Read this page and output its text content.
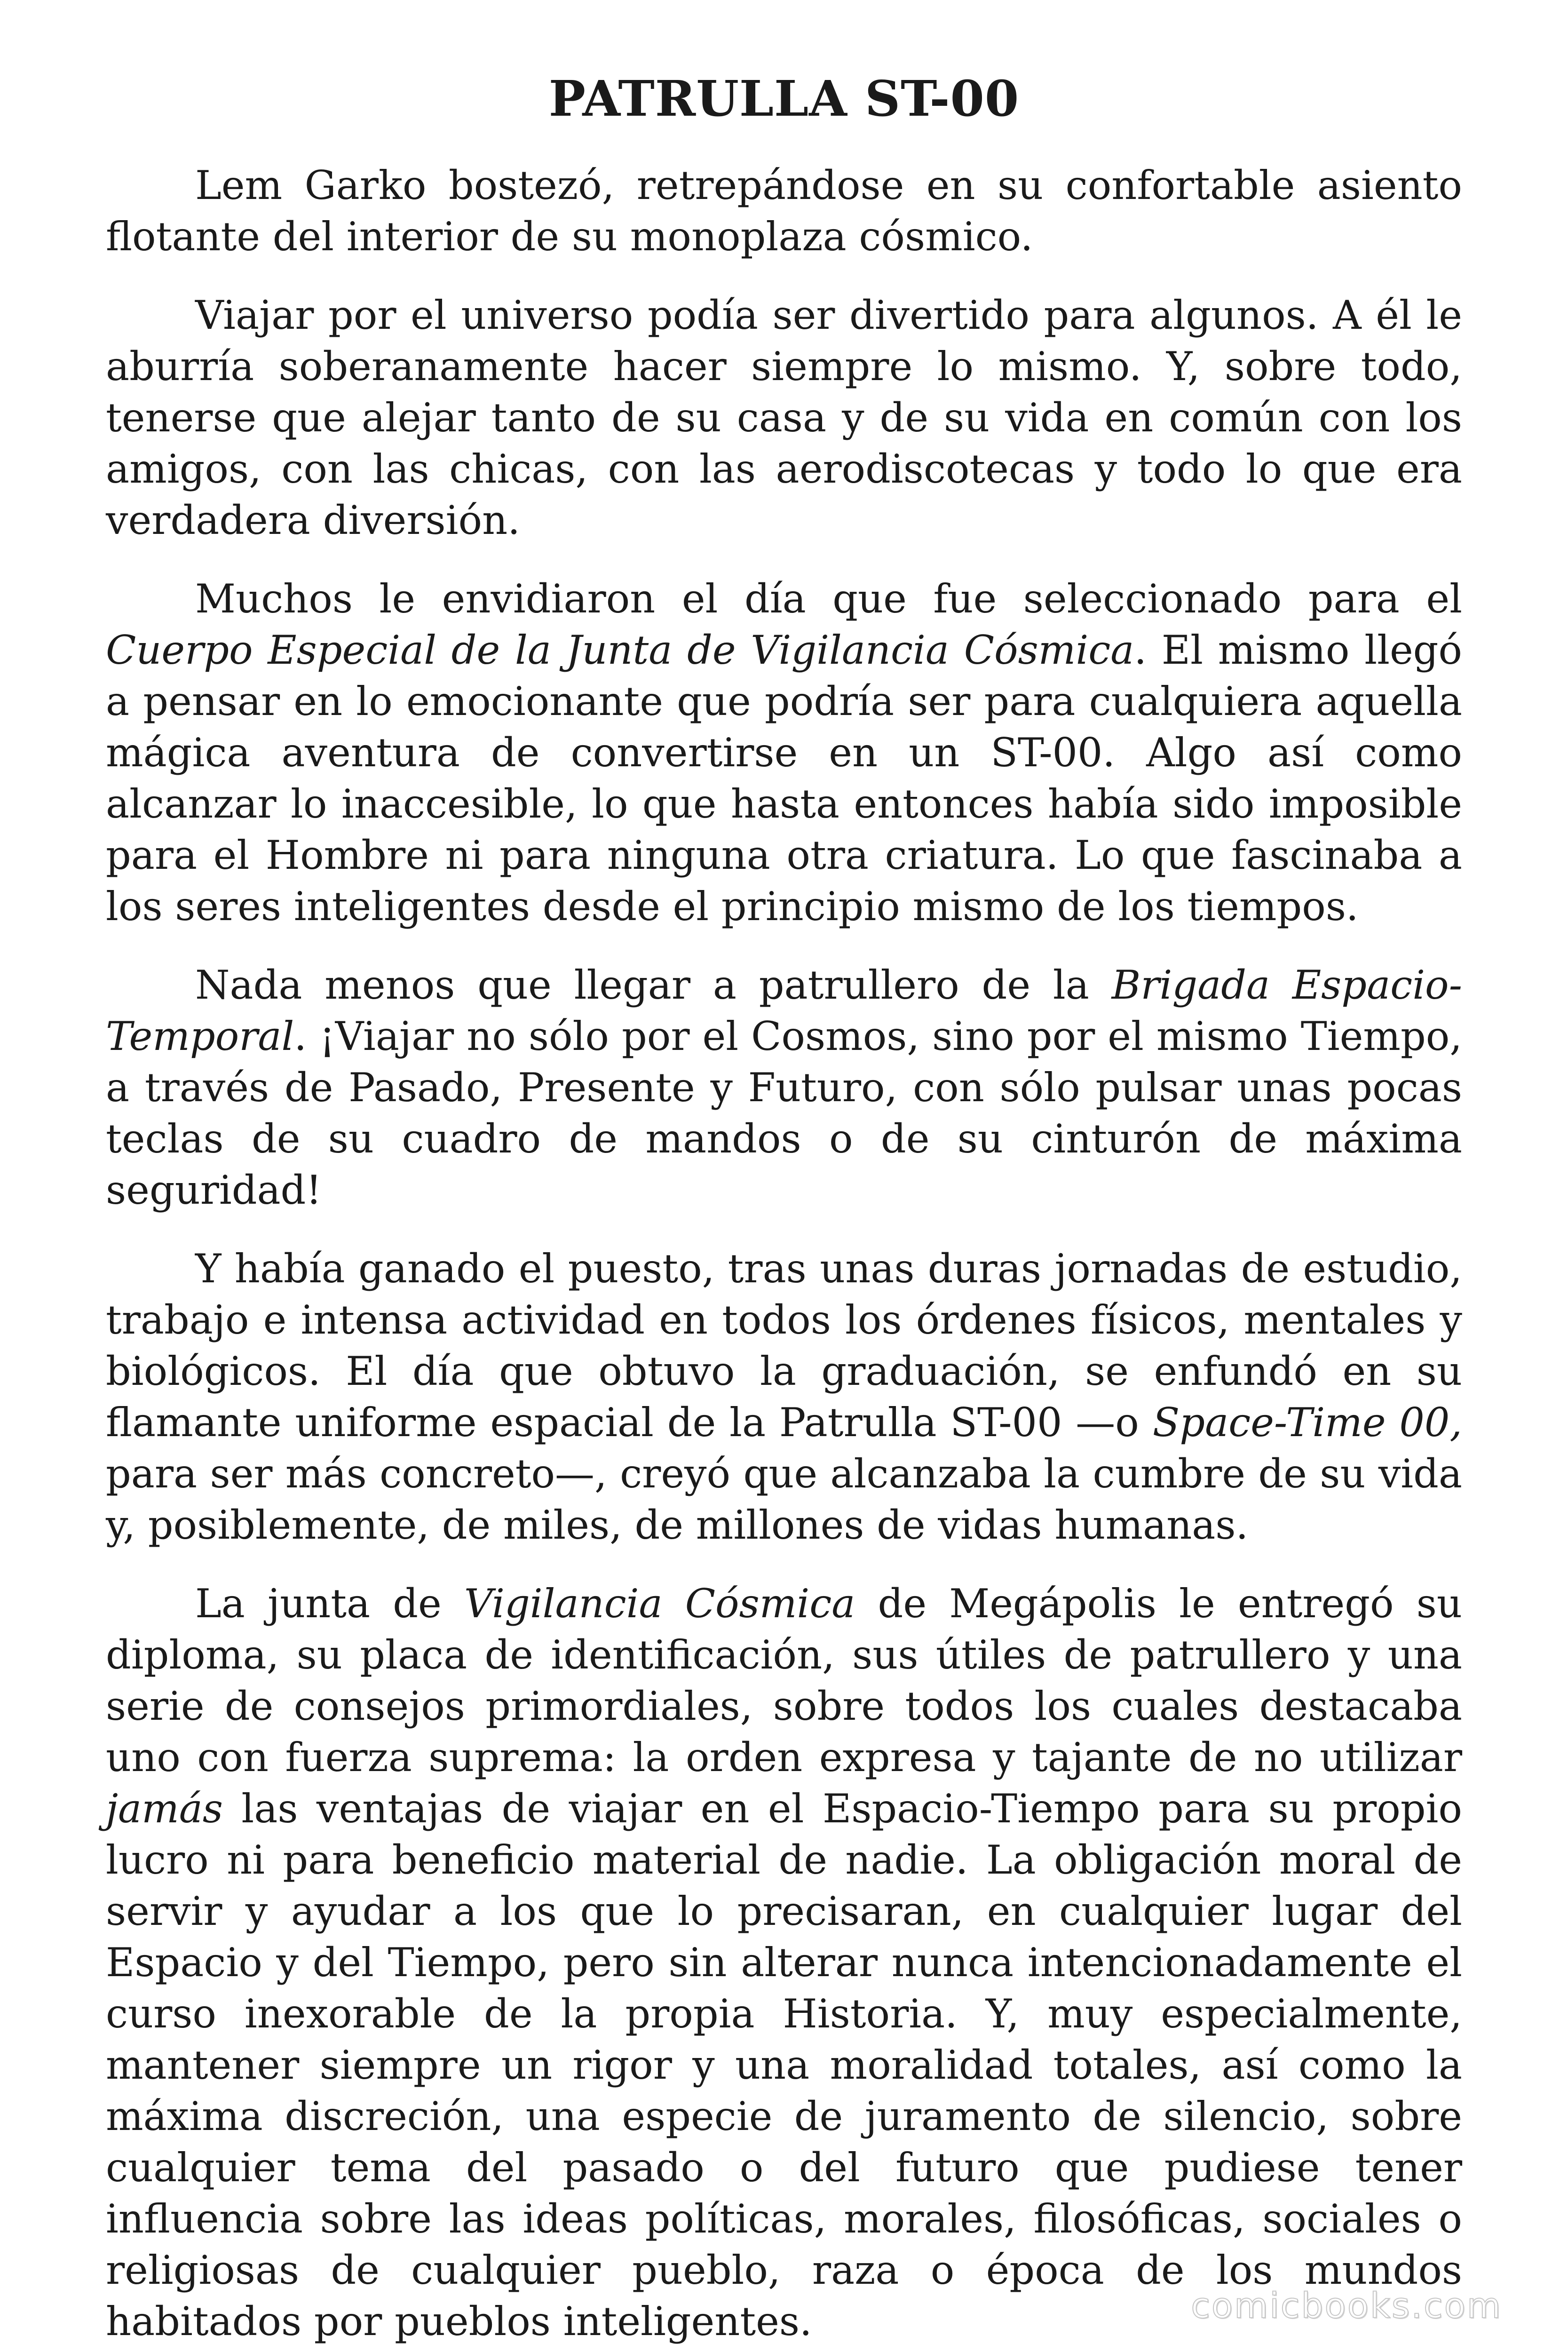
PATRULLA ST-00

Lem Garko bostezó, retrepándose en su confortable asiento flotante del interior de su monoplaza cósmico.

Viajar por el universo podía ser divertido para algunos. A él le aburría soberanamente hacer siempre lo mismo. Y, sobre todo, tenerse que alejar tanto de su casa y de su vida en común con los amigos, con las chicas, con las aerodiscotecas y todo lo que era verdadera diversión.

Muchos le envidiaron el día que fue seleccionado para el Cuerpo Especial de la Junta de Vigilancia Cósmica. El mismo llegó a pensar en lo emocionante que podría ser para cualquiera aquella mágica aventura de convertirse en un ST-00. Algo así como alcanzar lo inaccesible, lo que hasta entonces había sido imposible para el Hombre ni para ninguna otra criatura. Lo que fascinaba a los seres inteligentes desde el principio mismo de los tiempos.

Nada menos que llegar a patrullero de la Brigada Espacio-Temporal. ¡Viajar no sólo por el Cosmos, sino por el mismo Tiempo, a través de Pasado, Presente y Futuro, con sólo pulsar unas pocas teclas de su cuadro de mandos o de su cinturón de máxima seguridad!

Y había ganado el puesto, tras unas duras jornadas de estudio, trabajo e intensa actividad en todos los órdenes físicos, mentales y biológicos. El día que obtuvo la graduación, se enfundó en su flamante uniforme espacial de la Patrulla ST-00 —o Space-Time 00, para ser más concreto—, creyó que alcanzaba la cumbre de su vida y, posiblemente, de miles, de millones de vidas humanas.

La junta de Vigilancia Cósmica de Megápolis le entregó su diploma, su placa de identificación, sus útiles de patrullero y una serie de consejos primordiales, sobre todos los cuales destacaba uno con fuerza suprema: la orden expresa y tajante de no utilizar jamás las ventajas de viajar en el Espacio-Tiempo para su propio lucro ni para beneficio material de nadie. La obligación moral de servir y ayudar a los que lo precisaran, en cualquier lugar del Espacio y del Tiempo, pero sin alterar nunca intencionadamente el curso inexorable de la propia Historia. Y, muy especialmente, mantener siempre un rigor y una moralidad totales, así como la máxima discreción, una especie de juramento de silencio, sobre cualquier tema del pasado o del futuro que pudiese tener influencia sobre las ideas políticas, morales, filosóficas, sociales o religiosas de cualquier pueblo, raza o época de los mundos habitados por pueblos inteligentes.	comicbooks.com
